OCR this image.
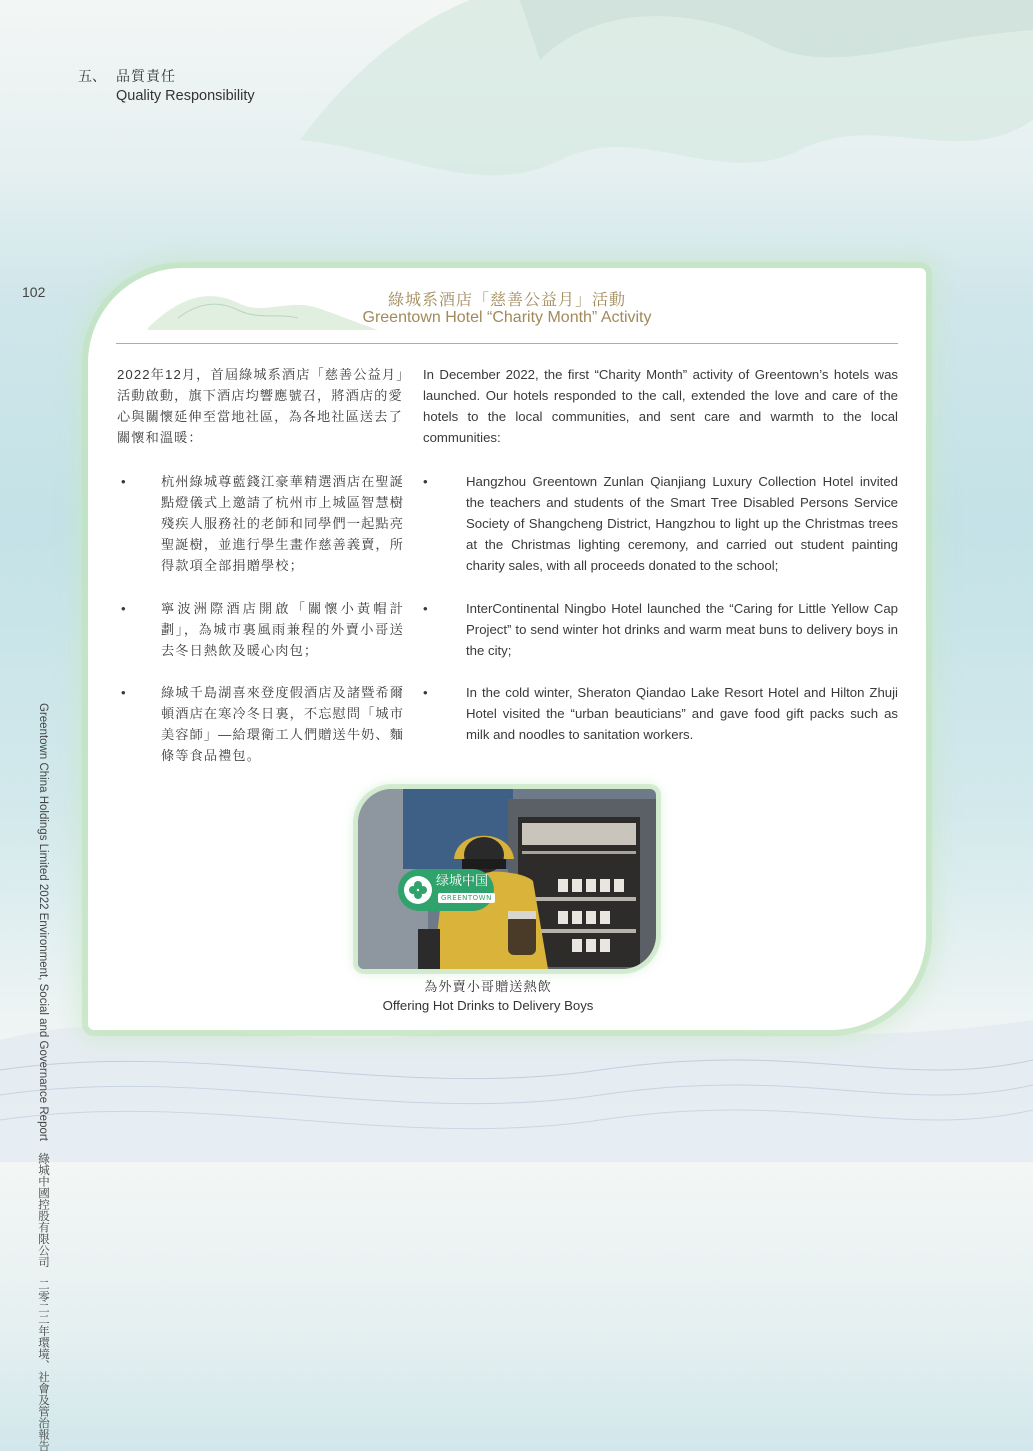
五、 品質責任
Quality Responsibility
102
Greentown China Holdings Limited 2022 Environment, Social and Governance Report　綠城中國控股有限公司　二零二二年環境、社會及管治報告
綠城系酒店「慈善公益月」活動
Greentown Hotel “Charity Month” Activity
2022年12月，首屆綠城系酒店「慈善公益月」活動啟動，旗下酒店均響應號召，將酒店的愛心與關懷延伸至當地社區，為各地社區送去了關懷和溫暖：
In December 2022, the first “Charity Month” activity of Greentown’s hotels was launched. Our hotels responded to the call, extended the love and care of the hotels to the local communities, and sent care and warmth to the local communities:
•	杭州綠城尊藍錢江豪華精選酒店在聖誕點燈儀式上邀請了杭州市上城區智慧樹殘疾人服務社的老師和同學們一起點亮聖誕樹，並進行學生畫作慈善義賣，所得款項全部捐贈學校；
•	寧波洲際酒店開啟「關懷小黃帽計劃」，為城市裏風雨兼程的外賣小哥送去冬日熱飲及暖心肉包；
•	綠城千島湖喜來登度假酒店及諸暨希爾頓酒店在寒冷冬日裏，不忘慰問「城市美容師」—給環衛工人們贈送牛奶、麵條等食品禮包。
•	Hangzhou Greentown Zunlan Qianjiang Luxury Collection Hotel invited the teachers and students of the Smart Tree Disabled Persons Service Society of Shangcheng District, Hangzhou to light up the Christmas trees at the Christmas lighting ceremony, and carried out student painting charity sales, with all proceeds donated to the school;
•	InterContinental Ningbo Hotel launched the “Caring for Little Yellow Cap Project” to send winter hot drinks and warm meat buns to delivery boys in the city;
•	In the cold winter, Sheraton Qiandao Lake Resort Hotel and Hilton Zhuji Hotel visited the “urban beauticians” and gave food gift packs such as milk and noodles to sanitation workers.
绿城中国
GREENTOWN
為外賣小哥贈送熱飲
Offering Hot Drinks to Delivery Boys
